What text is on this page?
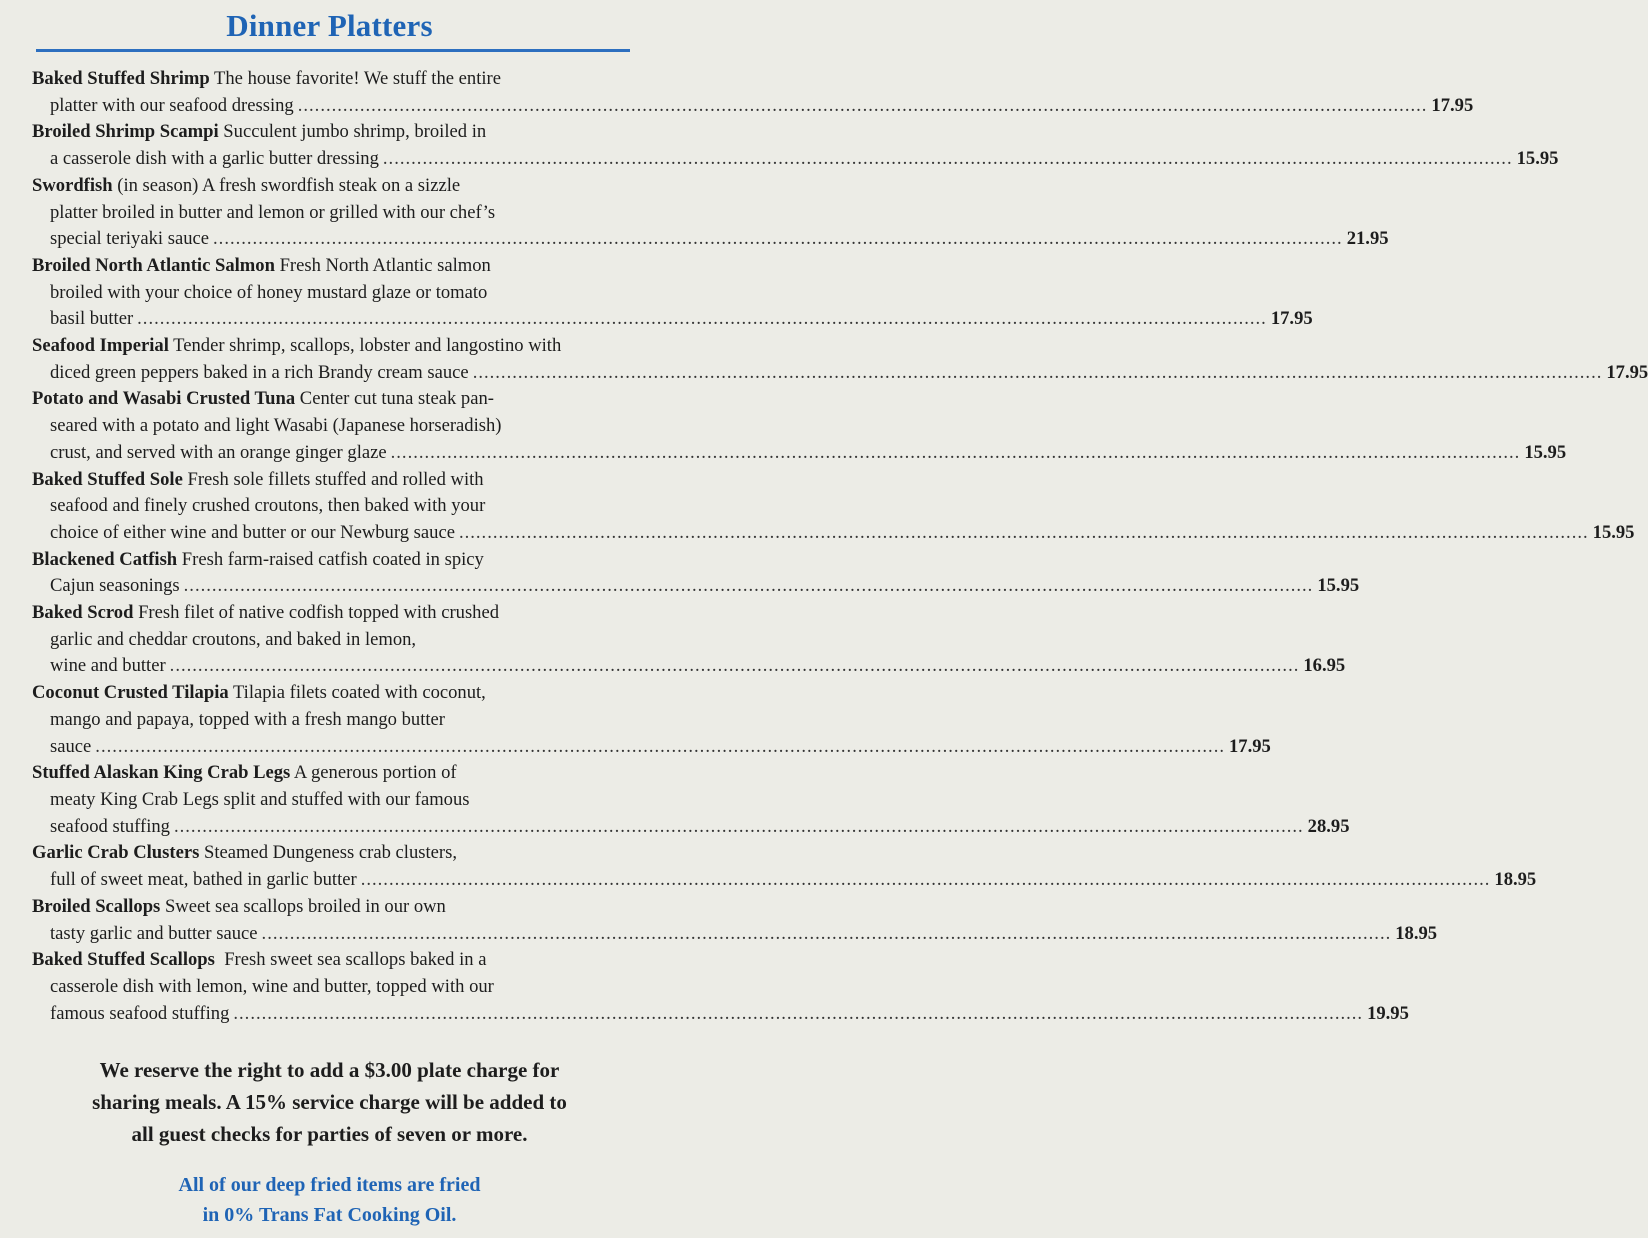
Dinner Platters
Baked Stuffed Shrimp The house favorite! We stuff the entire
platter with our seafood dressing ........................................................................................................................................................................................................ 17.95
Broiled Shrimp Scampi Succulent jumbo shrimp, broiled in
a casserole dish with a garlic butter dressing ........................................................................................................................................................................................................ 15.95
Swordfish (in season) A fresh swordfish steak on a sizzle
platter broiled in butter and lemon or grilled with our chef’s
special teriyaki sauce ........................................................................................................................................................................................................ 21.95
Broiled North Atlantic Salmon Fresh North Atlantic salmon
broiled with your choice of honey mustard glaze or tomato
basil butter ........................................................................................................................................................................................................ 17.95
Seafood Imperial Tender shrimp, scallops, lobster and langostino with
diced green peppers baked in a rich Brandy cream sauce ........................................................................................................................................................................................................ 17.95
Potato and Wasabi Crusted Tuna Center cut tuna steak pan-
seared with a potato and light Wasabi (Japanese horseradish)
crust, and served with an orange ginger glaze ........................................................................................................................................................................................................ 15.95
Baked Stuffed Sole Fresh sole fillets stuffed and rolled with
seafood and finely crushed croutons, then baked with your
choice of either wine and butter or our Newburg sauce ........................................................................................................................................................................................................ 15.95
Blackened Catfish Fresh farm-raised catfish coated in spicy
Cajun seasonings ........................................................................................................................................................................................................ 15.95
Baked Scrod Fresh filet of native codfish topped with crushed
garlic and cheddar croutons, and baked in lemon,
wine and butter ........................................................................................................................................................................................................ 16.95
Coconut Crusted Tilapia Tilapia filets coated with coconut,
mango and papaya, topped with a fresh mango butter
sauce ........................................................................................................................................................................................................ 17.95
Stuffed Alaskan King Crab Legs A generous portion of
meaty King Crab Legs split and stuffed with our famous
seafood stuffing ........................................................................................................................................................................................................ 28.95
Garlic Crab Clusters Steamed Dungeness crab clusters,
full of sweet meat, bathed in garlic butter ........................................................................................................................................................................................................ 18.95
Broiled Scallops Sweet sea scallops broiled in our own
tasty garlic and butter sauce ........................................................................................................................................................................................................ 18.95
Baked Stuffed Scallops  Fresh sweet sea scallops baked in a
casserole dish with lemon, wine and butter, topped with our
famous seafood stuffing ........................................................................................................................................................................................................ 19.95
We reserve the right to add a $3.00 plate charge for
sharing meals. A 15% service charge will be added to
all guest checks for parties of seven or more.
All of our deep fried items are fried
in 0% Trans Fat Cooking Oil.
